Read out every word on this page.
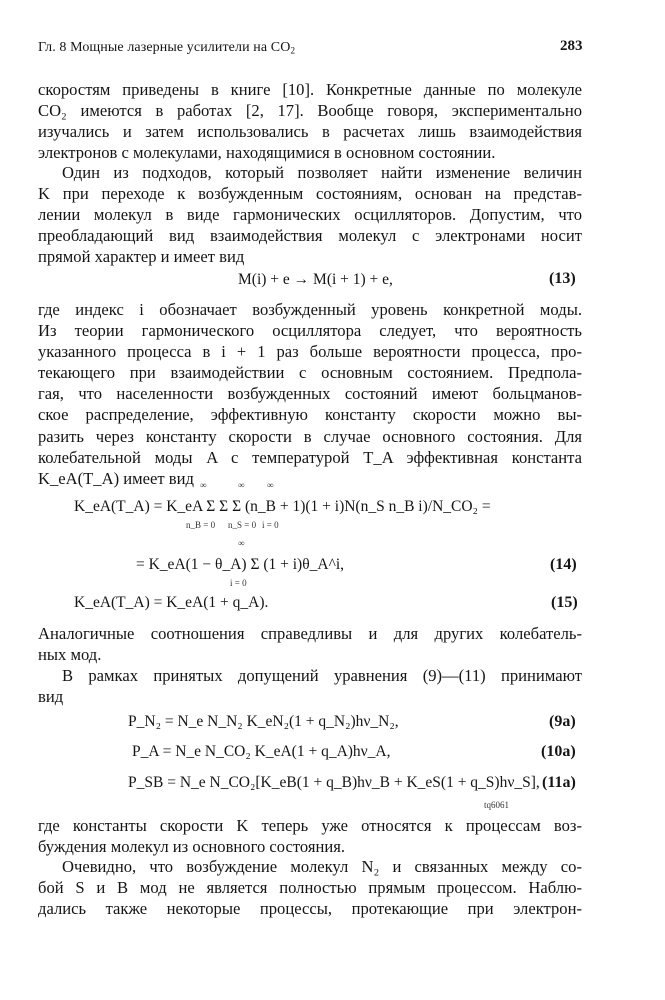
Гл. 8 Мощные лазерные усилители на $СО_2$	283
скоростям приведены в книге [10]. Конкретные данные по молекуле
CO₂ имеются в работах [2, 17]. Вообще говоря, экспериментально
изучались и затем использовались в расчетах лишь взаимодействия
электронов с молекулами, находящимися в основном состоянии.
Один из подходов, который позволяет найти изменение величин
K при переходе к возбужденным состояниям, основан на представ-
лении молекул в виде гармонических осцилляторов. Допустим, что
преобладающий вид взаимодействия молекул с электронами носит
прямой характер и имеет вид
M(i) + e → M(i + 1) + e,	(13)
где индекс i обозначает возбужденный уровень конкретной моды.
Из теории гармонического осциллятора следует, что вероятность
указанного процесса в i + 1 раз больше вероятности процесса, про-
текающего при взаимодействии с основным состоянием. Предпола-
гая, что населенности возбужденных состояний имеют больцманов-
ское распределение, эффективную константу скорости можно вы-
разить через константу скорости в случае основного состояния. Для
колебательной моды A с температурой T_A эффективная константа
K_eA(T_A) имеет вид
K_eA(T_A) = K_eA Σ Σ Σ (n_B + 1)(1 + i)N(n_S n_B i)/N_CO₂ =
= K_eA(1 − θ_A) Σ (1 + i)θ_A^i,	(14)
n_B = 0 n_S = 0 i = 0
∞	∞	∞
∞
i = 0
K_eA(T_A) = K_eA(1 + q_A).	(15)
Аналогичные соотношения справедливы и для других колебатель-
ных мод.
В рамках принятых допущений уравнения (9)—(11) принимают
вид
P_N₂ = N_e N_N₂ K_eN₂(1 + q_N₂)hν_N₂,	(9a)
P_A = N_e N_CO₂ K_eA(1 + q_A)hν_A,	(10a)
P_SB = N_e N_CO₂[K_eB(1 + q_B)hν_B + K_eS(1 + q_S)hν_S], (11a)
tq6061
где константы скорости K теперь уже относятся к процессам воз-
буждения молекул из основного состояния.
Очевидно, что возбуждение молекул N₂ и связанных между со-
бой S и B мод не является полностью прямым процессом. Наблю-
дались также некоторые процессы, протекающие при электрон-
